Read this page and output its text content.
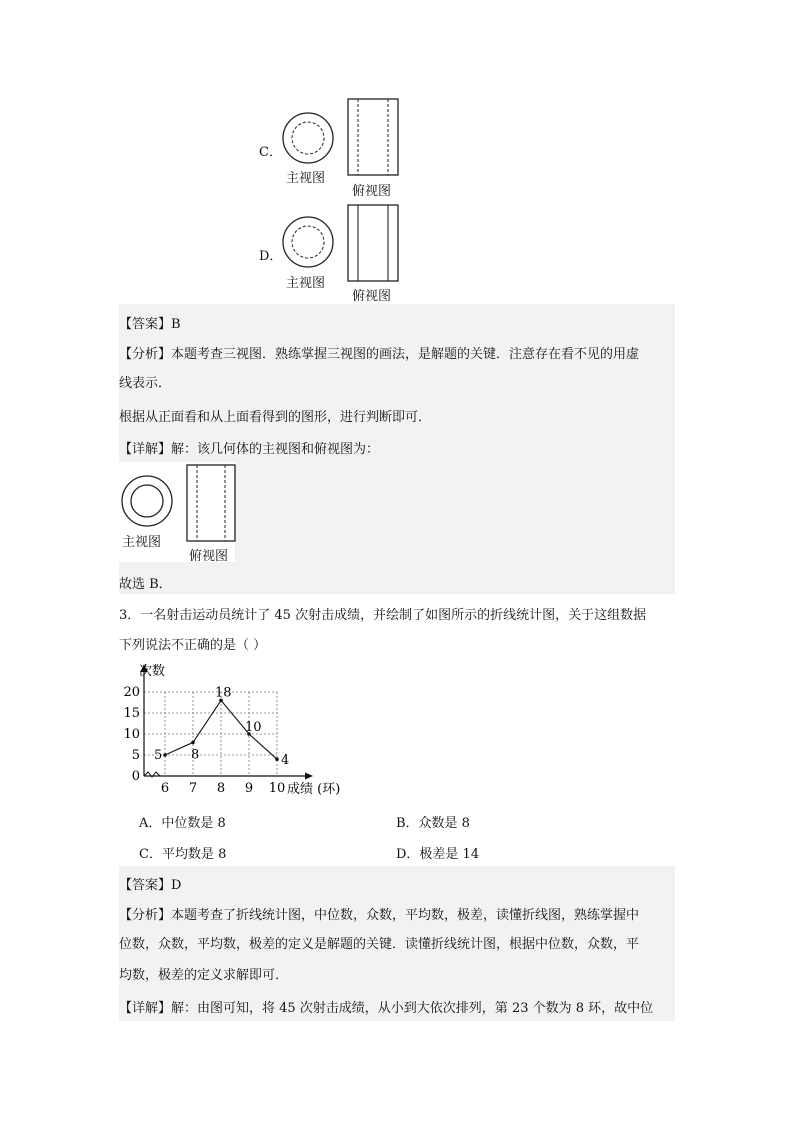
C．
主视图
俯视图
D．
主视图
俯视图
【答案】B
【分析】本题考查三视图．熟练掌握三视图的画法，是解题的关键．注意存在看不见的用虚
线表示．
根据从正面看和从上面看得到的图形，进行判断即可．
【详解】解：该几何体的主视图和俯视图为：
主视图
俯视图
故选 B．
3．一名射击运动员统计了 45 次射击成绩，并绘制了如图所示的折线统计图，关于这组数据
下列说法不正确的是（ ）
0
5
10
15
20
6 7 8 9 10
5 8
18
10
4
次数
成绩 (环)
A．中位数是 8	B．众数是 8
C．平均数是 8	D．极差是 14
【答案】D
【分析】本题考查了折线统计图，中位数，众数，平均数，极差，读懂折线图，熟练掌握中
位数，众数，平均数，极差的定义是解题的关键．读懂折线统计图，根据中位数，众数，平
均数，极差的定义求解即可．
【详解】解：由图可知，将 45 次射击成绩，从小到大依次排列，第 23 个数为 8 环，故中位
